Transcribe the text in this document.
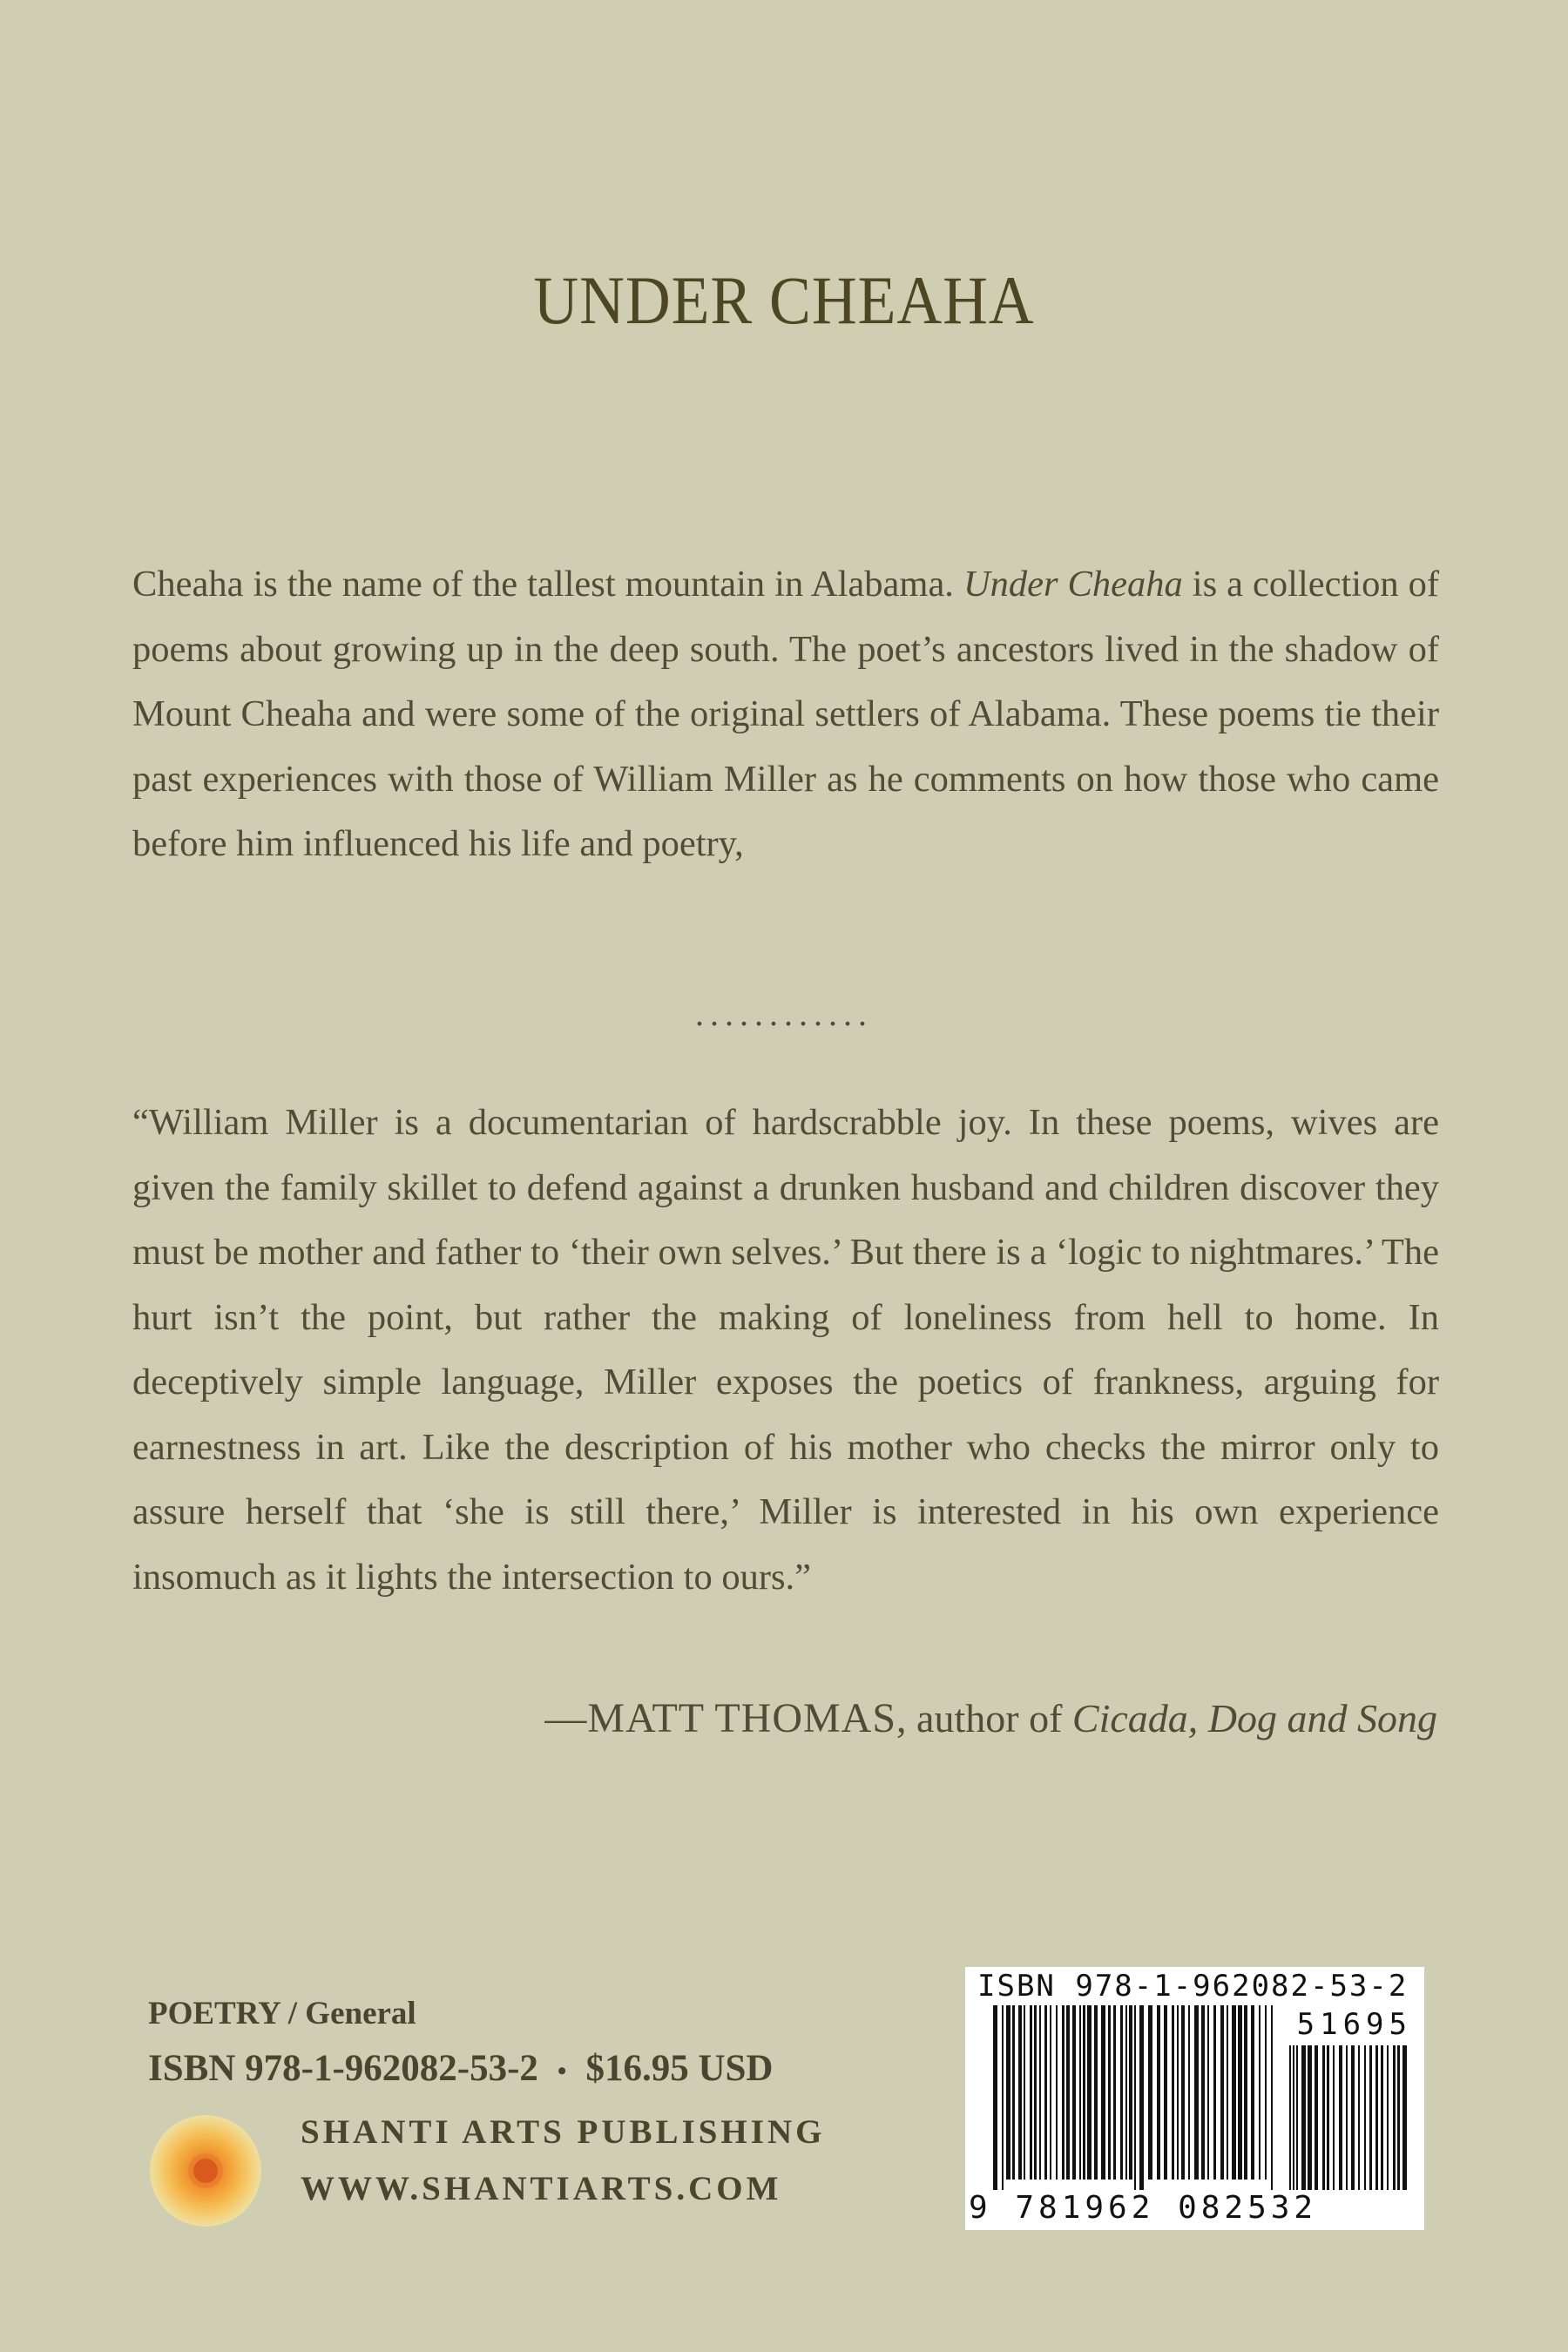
UNDER CHEAHA

Cheaha is the name of the tallest mountain in Alabama. Under Cheaha is a collection of poems about growing up in the deep south. The poet’s ancestors lived in the shadow of Mount Cheaha and were some of the original settlers of Alabama. These poems tie their past experiences with those of William Miller as he comments on how those who came before him influenced his life and poetry,

............

“William Miller is a documentarian of hardscrabble joy. In these poems, wives are given the family skillet to defend against a drunken husband and children discover they must be mother and father to ‘their own selves.’ But there is a ‘logic to nightmares.’ The hurt isn’t the point, but rather the making of loneliness from hell to home. In deceptively simple language, Miller exposes the poetics of frankness, arguing for earnestness in art. Like the description of his mother who checks the mirror only to assure herself that ‘she is still there,’ Miller is interested in his own experience insomuch as it lights the intersection to ours.”

—MATT THOMAS, author of Cicada, Dog and Song
POETRY / General
ISBN 978-1-962082-53-2 • $16.95 USD
SHANTI ARTS PUBLISHING
WWW.SHANTIARTS.COM
ISBN 978-1-962082-53-2
51695
9 781962 082532
